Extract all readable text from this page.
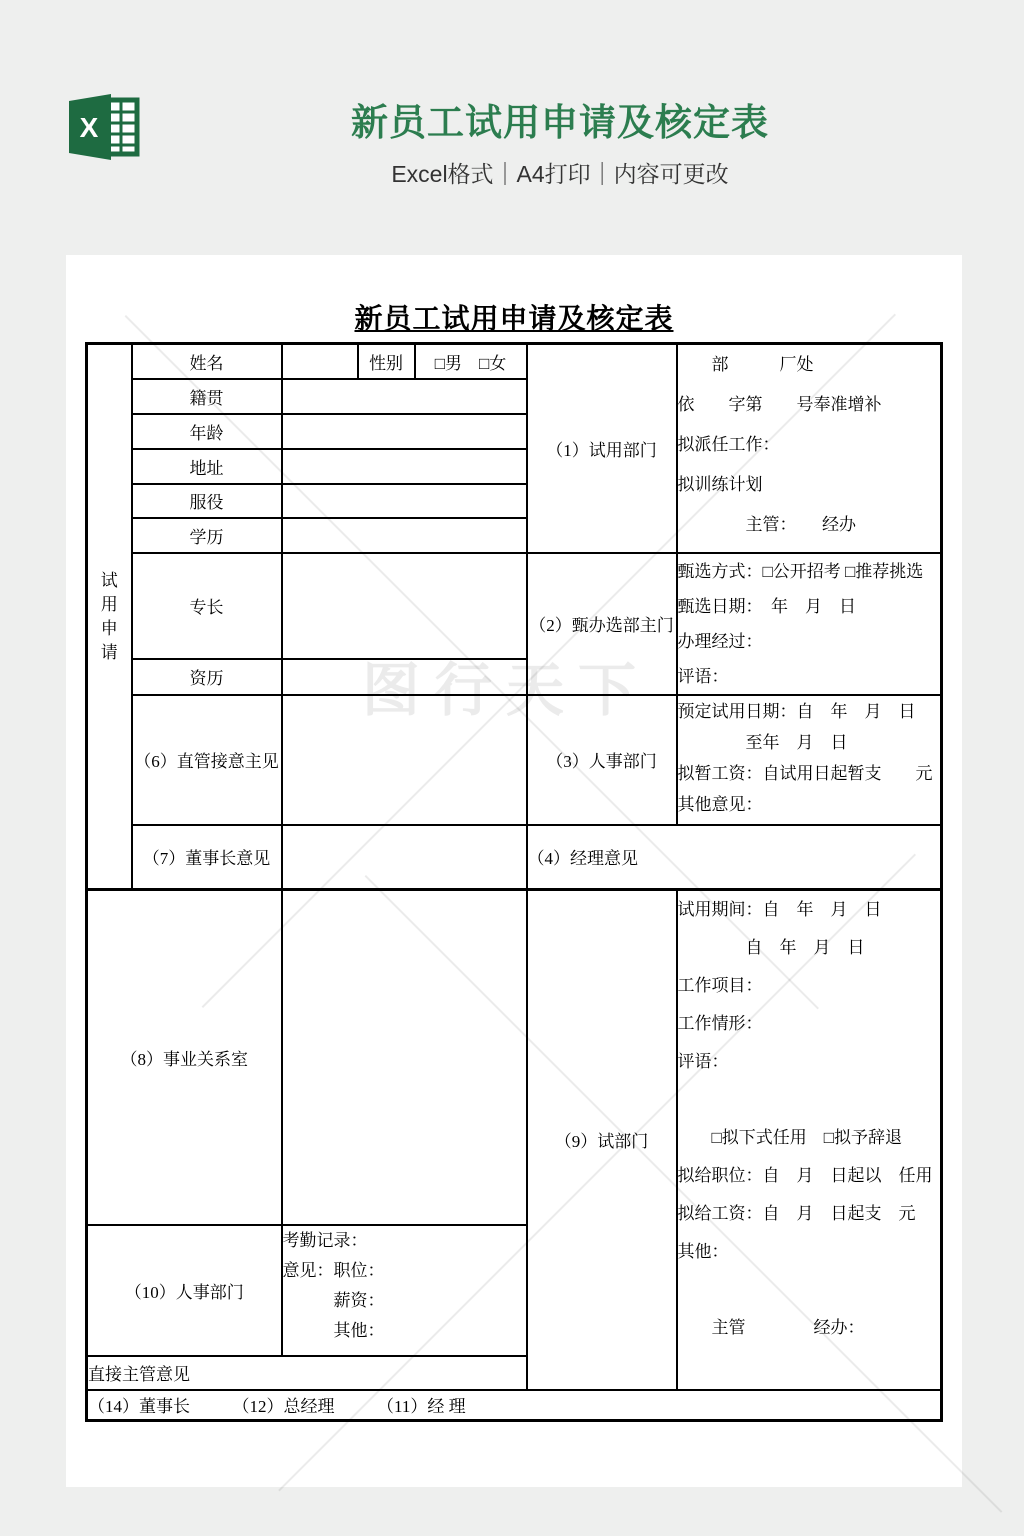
X	新员工试用申请及核定表

Excel格式｜A4打印｜内容可更改

图行天下
新员工试用申请及核定表
试用申请	姓名		性别	□男　□女	（1）试用部门	　　部　　　厂处
依　　字第　　号奉准增补
拟派任工作：
拟训练计划
　　　　主管：　　经办

	籍贯					
	年龄					
	地址					
	服役					
	学历					
	专长				（2）甄办选部主门	甄选方式：□公开招考 □推荐挑选
甄选日期：　年　月　日
办理经过：
评语：

	资历					
	（6）直管接意主见				（3）人事部门	预定试用日期：自　年　月　日
　　　　至年　月　日
拟暂工资：自试用日起暂支　　元
其他意见：

	（7）董事长意见				（4）经理意见	
（8）事业关系室		（9）试部门	
试用期间：自　年　月　日
　　　　自　年　月　日
工作项目：
工作情形：
评语：

　　□拟下式任用　□拟予辞退
拟给职位：自　月　日起以　任用
拟给工资：自　月　日起支　元
其他：

　　主管　　　　经办：

（10）人事部门		考勤记录：
意见：职位：
　　　薪资：
　　　其他：				

直接主管意见						
（14）董事长　　　（12）总经理　　　（11）经 理						
